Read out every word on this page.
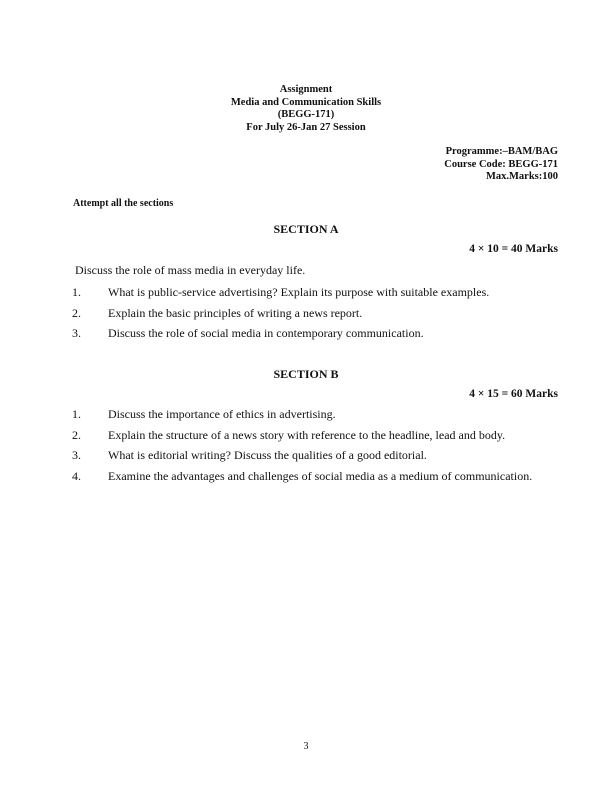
Assignment
Media and Communication Skills
(BEGG-171)
For July 26-Jan 27 Session
Programme:–BAM/BAG
Course Code: BEGG-171
Max.Marks:100
Attempt all the sections
SECTION A
4 × 10 = 40 Marks
Discuss the role of mass media in everyday life.
1.	What is public-service advertising? Explain its purpose with suitable examples.
2.	Explain the basic principles of writing a news report.
3.	Discuss the role of social media in contemporary communication.
SECTION B
4 × 15 = 60 Marks
1.	Discuss the importance of ethics in advertising.
2.	Explain the structure of a news story with reference to the headline, lead and body.
3.	What is editorial writing? Discuss the qualities of a good editorial.
4.	Examine the advantages and challenges of social media as a medium of communication.
3
